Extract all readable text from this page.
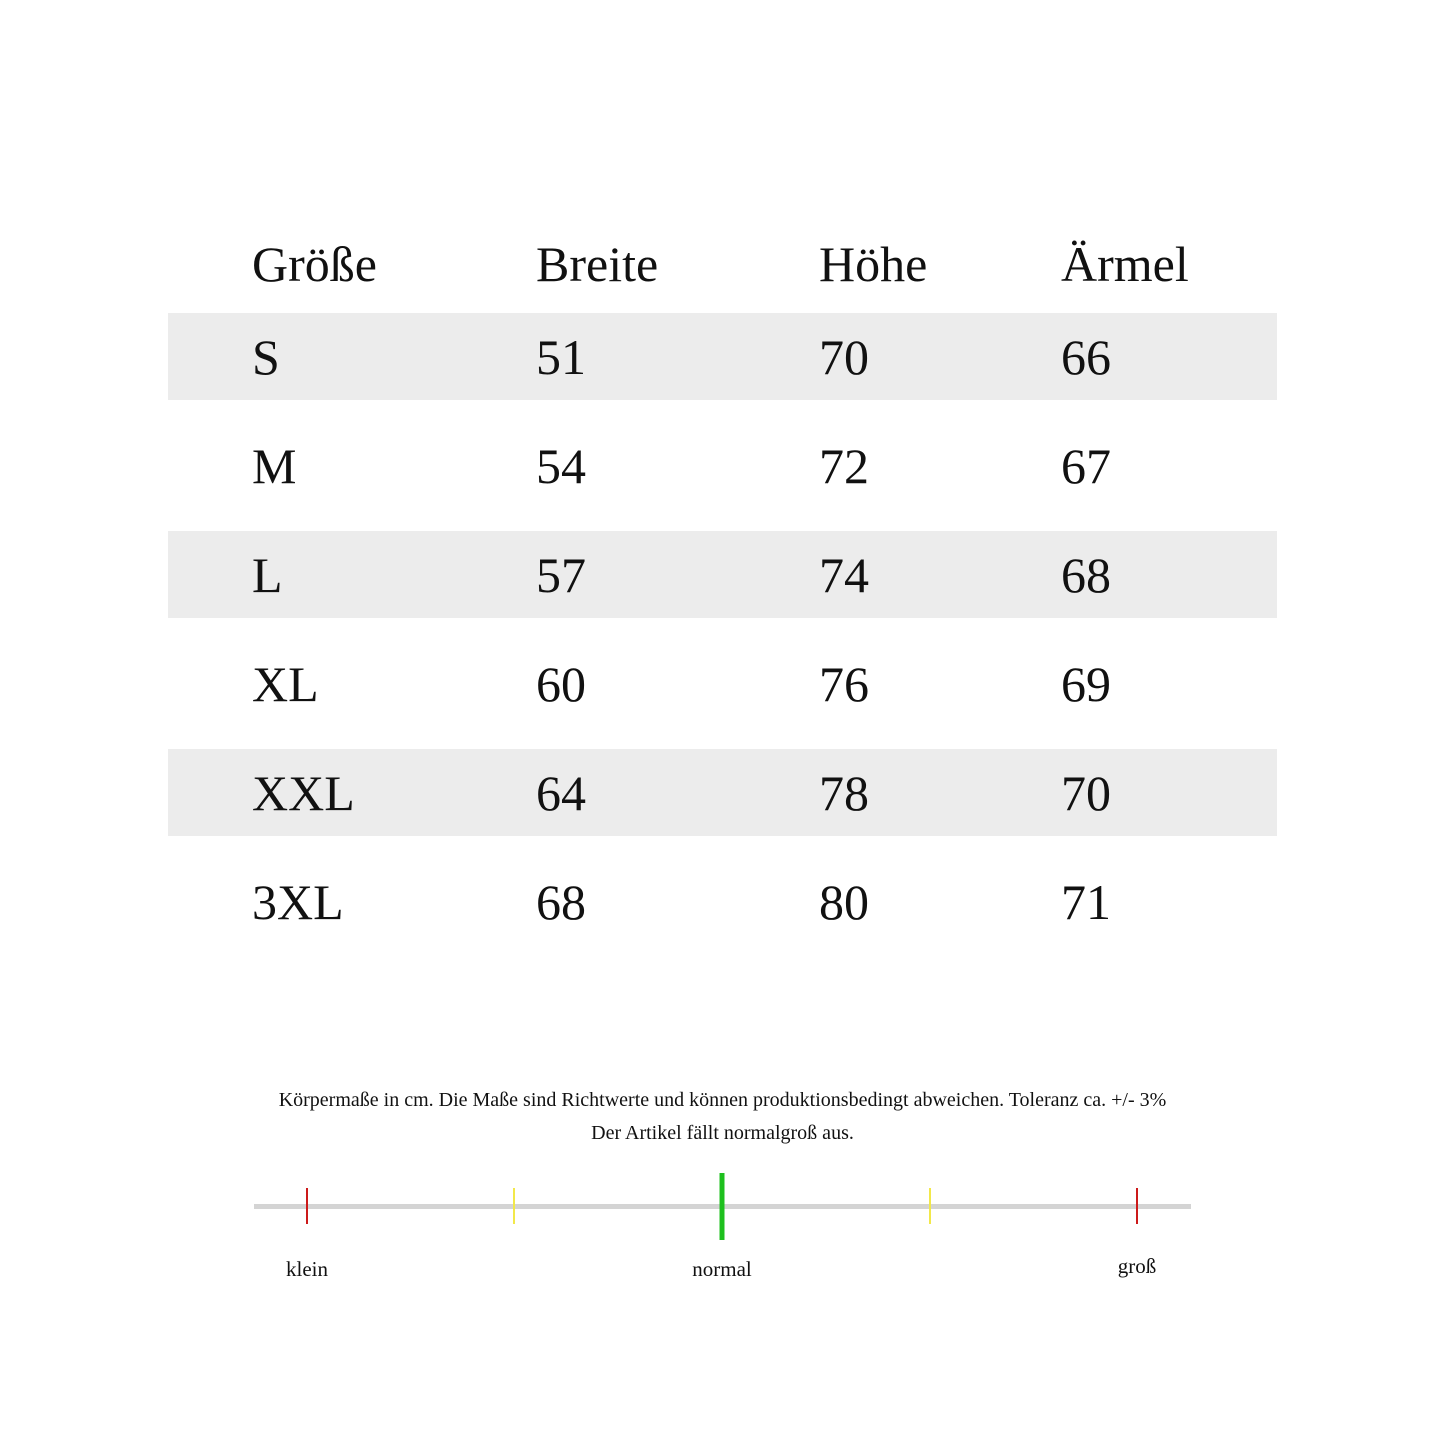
Größe	Breite	Höhe	Ärmel
S	51	70	66
M	54	72	67
L	57	74	68
XL	60	76	69
XXL	64	78	70
3XL	68	80	71
Körpermaße in cm. Die Maße sind Richtwerte und können produktionsbedingt abweichen. Toleranz ca. +/- 3%
Der Artikel fällt normalgroß aus.
klein	normal	groß
